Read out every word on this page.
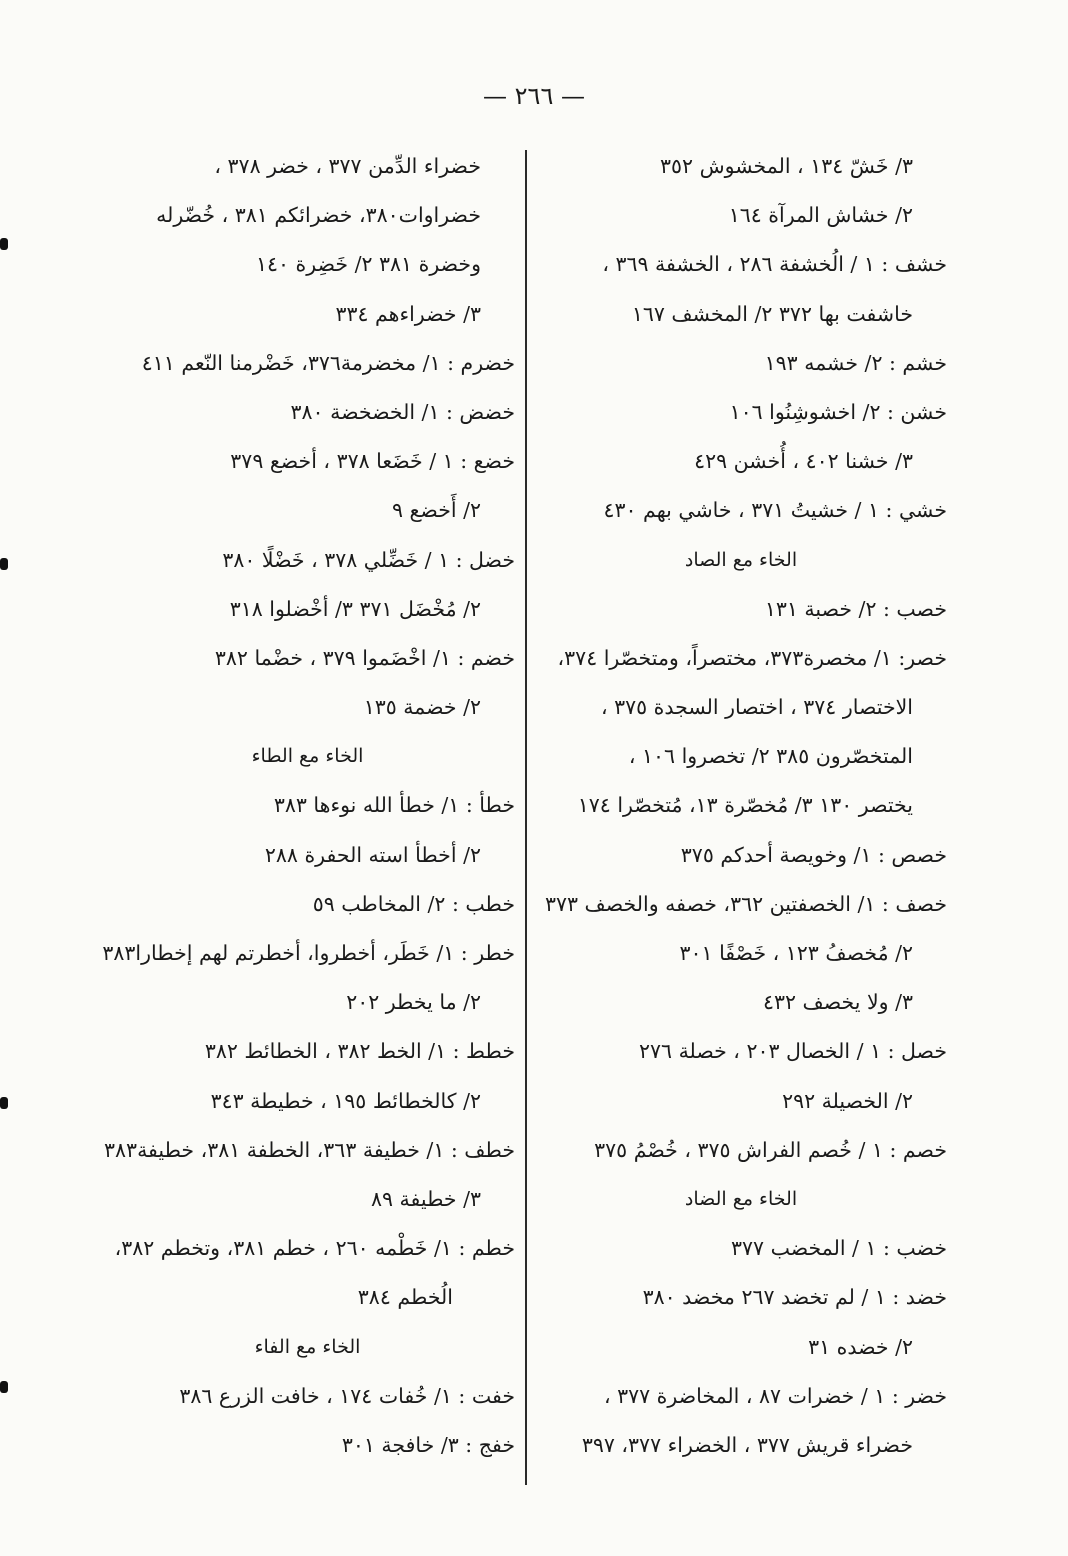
— ٢٦٦ —
٣/ خَشّ ١٣٤ ، المخشوش ٣٥٢
٢/ خشاش المرآة ١٦٤
خشف : ١ / الُخشفة ٢٨٦ ، الخشفة ٣٦٩ ،
خاشفت بها ٣٧٢ ٢/ المخشف ١٦٧
خشم : ٢/ خشمه ١٩٣
خشن : ٢/ اخشوشِنُوا ١٠٦
٣/ خشنا ٤٠٢ ، أُخشن ٤٢٩
خشي : ١ / خشيتُ ٣٧١ ، خاشي بهم ٤٣٠
الخاء مع الصاد
خصب : ٢/ خصبة ١٣١
خصر: ١/ مخصرة٣٧٣، مختصراً، ومتخصّرا ٣٧٤،
الاختصار ٣٧٤ ، اختصار السجدة ٣٧٥ ،
المتخصّرون ٣٨٥ ٢/ تخصروا ١٠٦ ،
يختصر ١٣٠ ٣/ مُخصّرة ١٣، مُتخصّرا ١٧٤
خصص : ١/ وخويصة أحدكم ٣٧٥
خصف : ١/ الخصفتين ٣٦٢، خصفه والخصف ٣٧٣
٢/ مُخصفُ ١٢٣ ، خَصْفًا ٣٠١
٣/ ولا يخصف ٤٣٢
خصل : ١ / الخصال ٢٠٣ ، خصلة ٢٧٦
٢/ الخصيلة ٢٩٢
خصم : ١ / خُصم الفراش ٣٧٥ ، خُصْمُ ٣٧٥
الخاء مع الضاد
خضب : ١ / المخضب ٣٧٧
خضد : ١ / لم تخضد ٢٦٧ مخضد ٣٨٠
٢/ خضده ٣١
خضر : ١ / خضرات ٨٧ ، المخاضرة ٣٧٧ ،
خضراء قريش ٣٧٧ ، الخضراء ٣٧٧، ٣٩٧
خضراء الدِّمن ٣٧٧ ، خضر ٣٧٨ ،
خضراوات٣٨٠، خضرائكم ٣٨١ ، خُضّرله
وخضرة ٣٨١ ٢/ خَضِرة ١٤٠
٣/ خضراءهم ٣٣٤
خضرم : ١/ مخضرمة٣٧٦، خَضْرمنا النّعم ٤١١
خضض : ١/ الخضخضة ٣٨٠
خضع : ١ / خَضَعا ٣٧٨ ، أخضع ٣٧٩
٢/ أَخضع ٩
خضل : ١ / خَضِّلي ٣٧٨ ، خَضْلًا ٣٨٠
٢/ مُخْضَل ٣٧١ ٣/ أخْضلوا ٣١٨
خضم : ١/ اخْضَموا ٣٧٩ ، خضْما ٣٨٢
٢/ خضمة ١٣٥
الخاء مع الطاء
خطأ : ١/ خطأ الله نوءها ٣٨٣
٢/ أخطأ استه الحفرة ٢٨٨
خطب : ٢/ المخاطب ٥٩
خطر : ١/ خَطَر، أخطروا، أخطرتم لهم إخطارا٣٨٣
٢/ ما يخطر ٢٠٢
خطط : ١/ الخط ٣٨٢ ، الخطائط ٣٨٢
٢/ كالخطائط ١٩٥ ، خطيطة ٣٤٣
خطف : ١/ خطيفة ٣٦٣، الخطفة ٣٨١، خطيفة٣٨٣
٣/ خطيفة ٨٩
خطم : ١/ خَطْمه ٢٦٠ ، خطم ٣٨١، وتخطم ٣٨٢،
الُخطم ٣٨٤
الخاء مع الفاء
خفت : ١/ خُفات ١٧٤ ، خافت الزرع ٣٨٦
خفج : ٣/ خافجة ٣٠١
